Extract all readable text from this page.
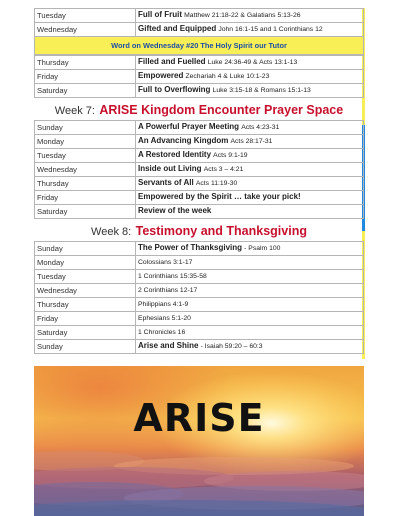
Tuesday	Full of Fruit Matthew 21:18-22 & Galatians 5:13-26
Wednesday	Gifted and Equipped John 16:1-15 and 1 Corinthians 12
Word on Wednesday #20 The Holy Spirit our Tutor
Thursday	Filled and Fuelled Luke 24:36-49 & Acts 13:1-13
Friday	Empowered Zechariah 4 & Luke 10:1-23
Saturday	Full to Overflowing Luke 3:15-18 & Romans 15:1-13
Week 7: ARISE Kingdom Encounter Prayer Space
Sunday	A Powerful Prayer Meeting Acts 4:23-31
Monday	An Advancing Kingdom Acts 28:17-31
Tuesday	A Restored Identity Acts 9:1-19
Wednesday	Inside out Living Acts 3 – 4:21
Thursday	Servants of All Acts 11:19-30
Friday	Empowered by the Spirit … take your pick!
Saturday	Review of the week
Week 8: Testimony and Thanksgiving
Sunday	The Power of Thanksgiving - Psalm 100
Monday	Colossians 3:1-17
Tuesday	1 Corinthians 15:35-58
Wednesday	2 Corinthians 12-17
Thursday	Philippians 4:1-9
Friday	Ephesians 5:1-20
Saturday	1 Chronicles 16
Sunday	Arise and Shine - Isaiah 59:20 – 60:3
ARISE
